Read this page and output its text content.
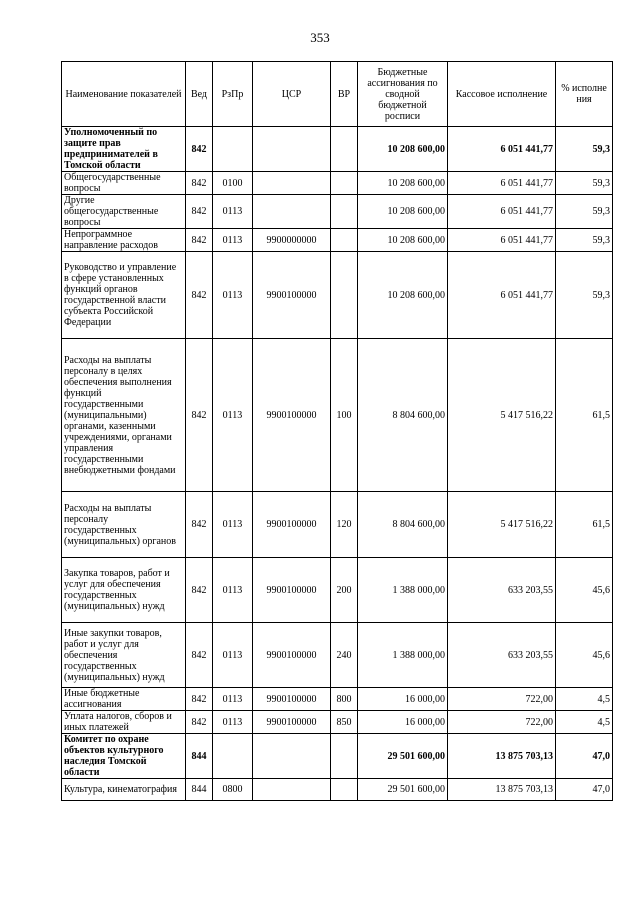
353
Наименование показателей	Вед	РзПр	ЦСР	ВР	Бюджетные ассигнования по сводной бюджетной росписи	Кассовое исполнение	% исполне ния
Уполномоченный по защите прав предпринимателей в Томской области	842				10 208 600,00	6 051 441,77	59,3
Общегосударственные вопросы	842	0100			10 208 600,00	6 051 441,77	59,3
Другие общегосударственные вопросы	842	0113			10 208 600,00	6 051 441,77	59,3
Непрограммное направление расходов	842	0113	9900000000		10 208 600,00	6 051 441,77	59,3
Руководство и управление в сфере установленных функций органов государственной власти субъекта Российской Федерации	842	0113	9900100000		10 208 600,00	6 051 441,77	59,3
Расходы на выплаты персоналу в целях обеспечения выполнения функций государственными (муниципальными) органами, казенными учреждениями, органами управления государственными внебюджетными фондами	842	0113	9900100000	100	8 804 600,00	5 417 516,22	61,5
Расходы на выплаты персоналу государственных (муниципальных) органов	842	0113	9900100000	120	8 804 600,00	5 417 516,22	61,5
Закупка товаров, работ и услуг для обеспечения государственных (муниципальных) нужд	842	0113	9900100000	200	1 388 000,00	633 203,55	45,6
Иные закупки товаров, работ и услуг для обеспечения государственных (муниципальных) нужд	842	0113	9900100000	240	1 388 000,00	633 203,55	45,6
Иные бюджетные ассигнования	842	0113	9900100000	800	16 000,00	722,00	4,5
Уплата налогов, сборов и иных платежей	842	0113	9900100000	850	16 000,00	722,00	4,5
Комитет по охране объектов культурного наследия Томской области	844				29 501 600,00	13 875 703,13	47,0
Культура, кинематография	844	0800			29 501 600,00	13 875 703,13	47,0
